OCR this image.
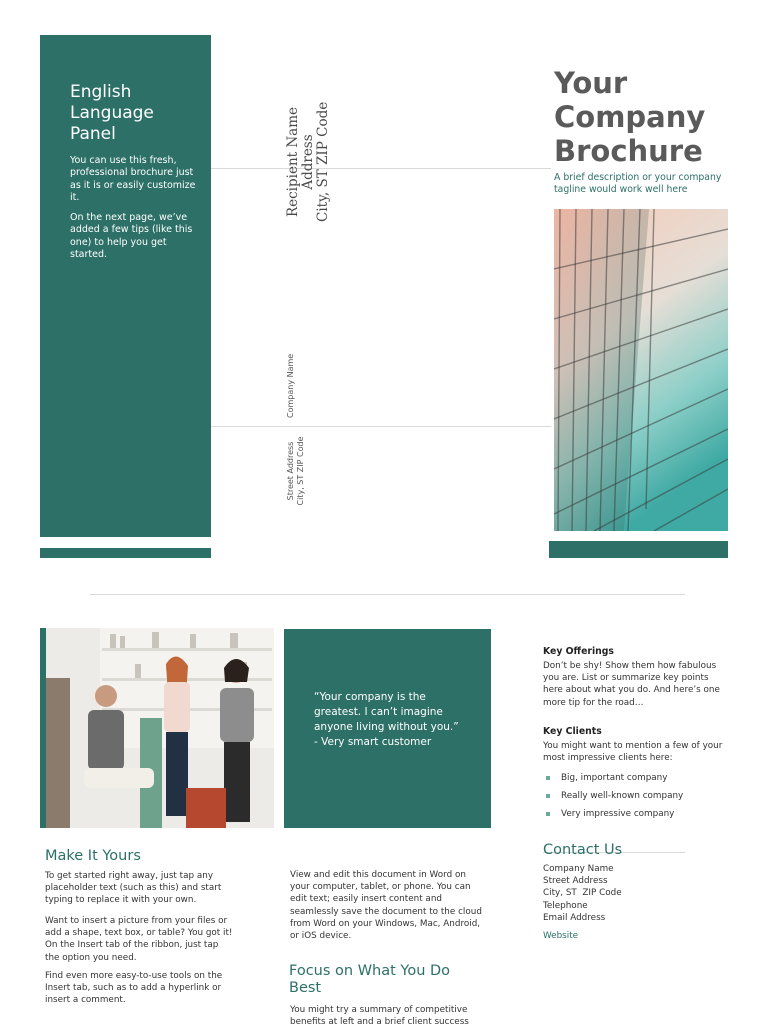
English Language Panel

You can use this fresh, professional brochure just as it is or easily customize it.

On the next page, we’ve added a few tips (like this one) to help you get started.

Recipient Name Address City, ST ZIP Code
Company Name
Street Address City, ST ZIP Code
Your Company Brochure
A brief description or your company tagline would work well here
“Your company is the greatest. I can’t imagine anyone living without you.”
- Very smart customer
Make It Yours

To get started right away, just tap any placeholder text (such as this) and start typing to replace it with your own.

Want to insert a picture from your files or add a shape, text box, or table? You got it! On the Insert tab of the ribbon, just tap the option you need.

Find even more easy-to-use tools on the Insert tab, such as to add a hyperlink or insert a comment.

View and edit this document in Word on your computer, tablet, or phone. You can edit text; easily insert content and seamlessly save the document to the cloud from Word on your Windows, Mac, Android, or iOS device.

Focus on What You Do Best

You might try a summary of competitive benefits at left and a brief client success

Key Offerings

Don’t be shy! Show them how fabulous you are. List or summarize key points here about what you do. And here’s one more tip for the road…

Key Clients

You might want to mention a few of your most impressive clients here:

Big, important company
Really well-known company
Very impressive company
Contact Us
Company Name
Street Address
City, ST  ZIP Code
Telephone
Email Address
Website
